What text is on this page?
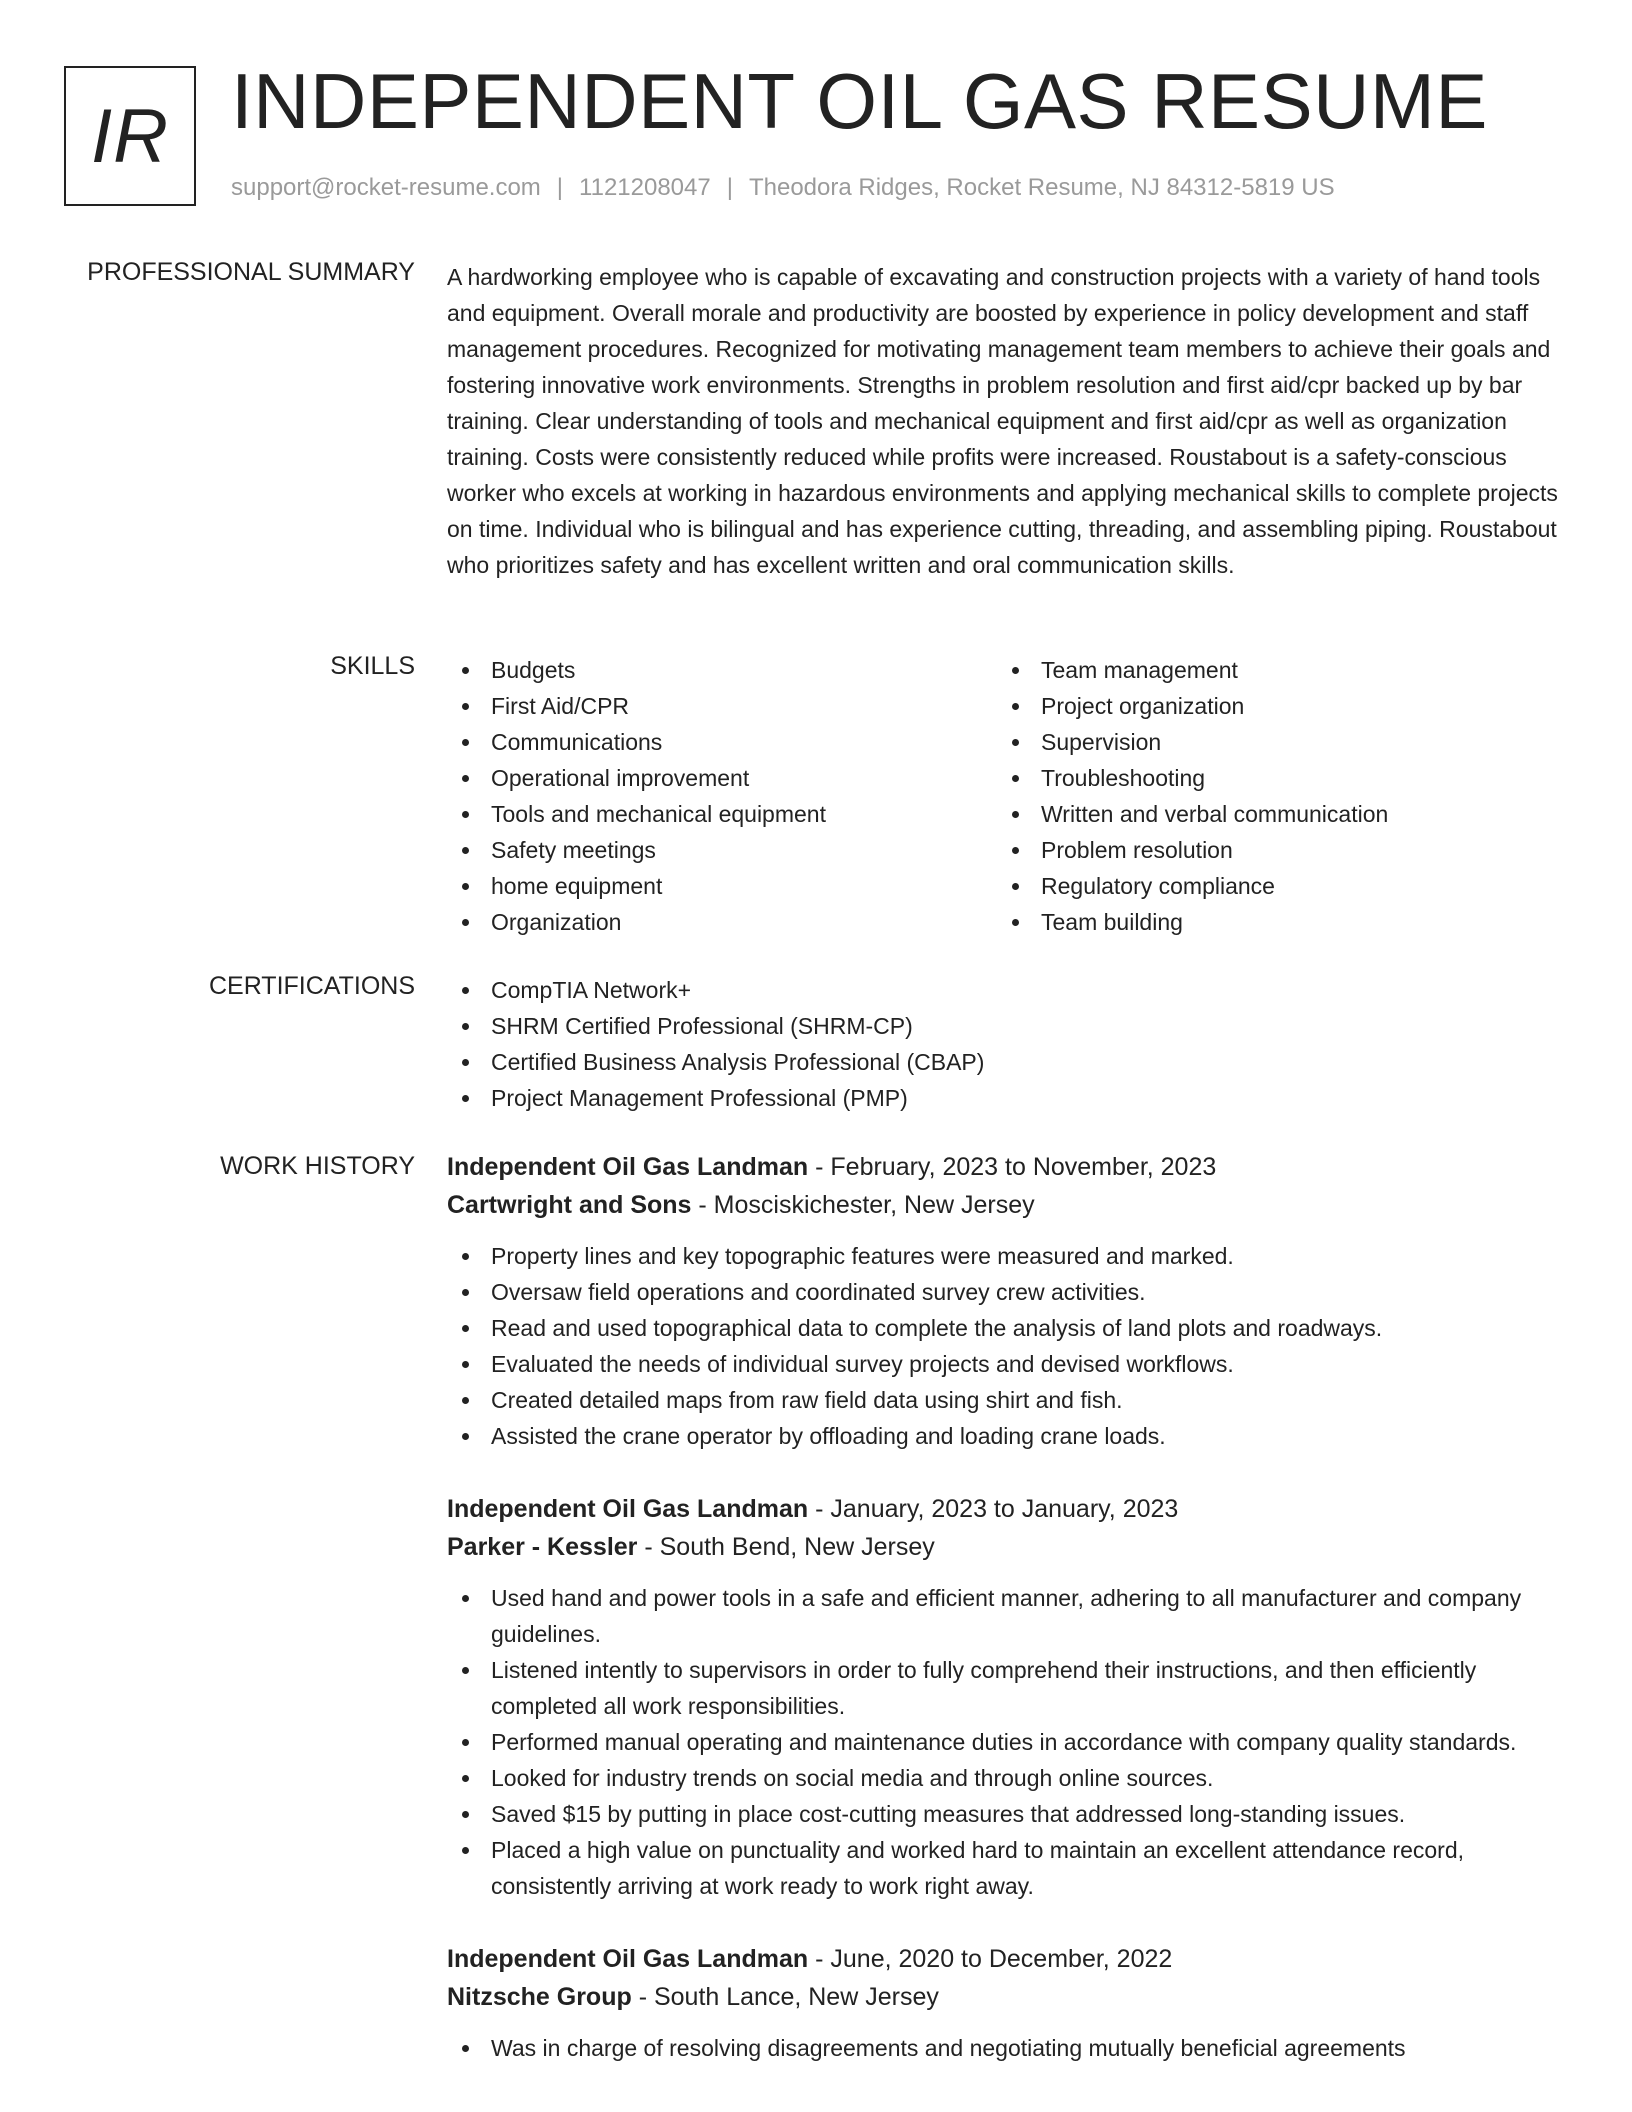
IR INDEPENDENT OIL GAS RESUME
support@rocket-resume.com | 1121208047 | Theodora Ridges, Rocket Resume, NJ 84312-5819 US
PROFESSIONAL SUMMARY A hardworking employee who is capable of excavating and construction projects with a variety of hand tools and equipment. Overall morale and productivity are boosted by experience in policy development and staff management procedures. Recognized for motivating management team members to achieve their goals and fostering innovative work environments. Strengths in problem resolution and first aid/cpr backed up by bar training. Clear understanding of tools and mechanical equipment and first aid/cpr as well as organization training. Costs were consistently reduced while profits were increased. Roustabout is a safety-conscious worker who excels at working in hazardous environments and applying mechanical skills to complete projects on time. Individual who is bilingual and has experience cutting, threading, and assembling piping. Roustabout who prioritizes safety and has excellent written and oral communication skills.

SKILLS	Budgets
First Aid/CPR
Communications
Operational improvement
Tools and mechanical equipment
Safety meetings
home equipment
Organization
Team management
Project organization
Supervision
Troubleshooting
Written and verbal communication
Problem resolution
Regulatory compliance
Team building
CERTIFICATIONS	CompTIA Network+
SHRM Certified Professional (SHRM-CP)
Certified Business Analysis Professional (CBAP)
Project Management Professional (PMP)
WORK HISTORY Independent Oil Gas Landman - February, 2023 to November, 2023
Cartwright and Sons - Mosciskichester, New Jersey
Property lines and key topographic features were measured and marked.
Oversaw field operations and coordinated survey crew activities.
Read and used topographical data to complete the analysis of land plots and roadways.
Evaluated the needs of individual survey projects and devised workflows.
Created detailed maps from raw field data using shirt and fish.
Assisted the crane operator by offloading and loading crane loads.
Independent Oil Gas Landman - January, 2023 to January, 2023
Parker - Kessler - South Bend, New Jersey
Used hand and power tools in a safe and efficient manner, adhering to all manufacturer and company guidelines.
Listened intently to supervisors in order to fully comprehend their instructions, and then efficiently completed all work responsibilities.
Performed manual operating and maintenance duties in accordance with company quality standards.
Looked for industry trends on social media and through online sources.
Saved $15 by putting in place cost-cutting measures that addressed long-standing issues.
Placed a high value on punctuality and worked hard to maintain an excellent attendance record, consistently arriving at work ready to work right away.
Independent Oil Gas Landman - June, 2020 to December, 2022
Nitzsche Group - South Lance, New Jersey
Was in charge of resolving disagreements and negotiating mutually beneficial agreements
